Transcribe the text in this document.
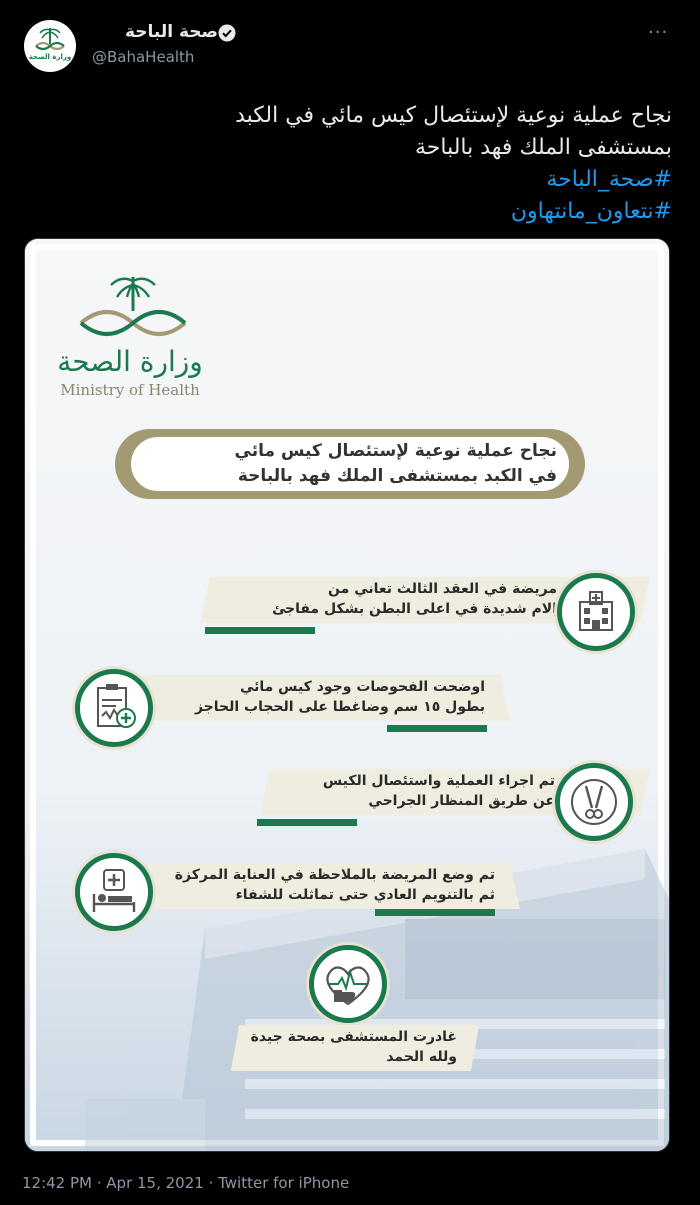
وزارة الصحة
صحة الباحة
@BahaHealth
···
نجاح عملية نوعية لإستئصال كيس مائي في الكبد
بمستشفى الملك فهد بالباحة
#صحة_الباحة
#نتعاون_مانتهاون
وزارة الصحة
Ministry of Health
نجاح عملية نوعية لإستئصال كيس مائي
في الكبد بمستشفى الملك فهد بالباحة
مريضة في العقد الثالث تعاني من
الام شديدة في اعلى البطن بشكل مفاجئ
اوضحت الفحوصات وجود كيس مائي
بطول ١٥ سم وضاغطا على الحجاب الحاجز
تم اجراء العملية واستئصال الكيس
عن طريق المنظار الجراحي
تم وضع المريضة بالملاحظة في العناية المركزة
ثم بالتنويم العادي حتى تماثلت للشفاء
غادرت المستشفى بصحة جيدة
ولله الحمد
12:42 PM · Apr 15, 2021 · Twitter for iPhone
